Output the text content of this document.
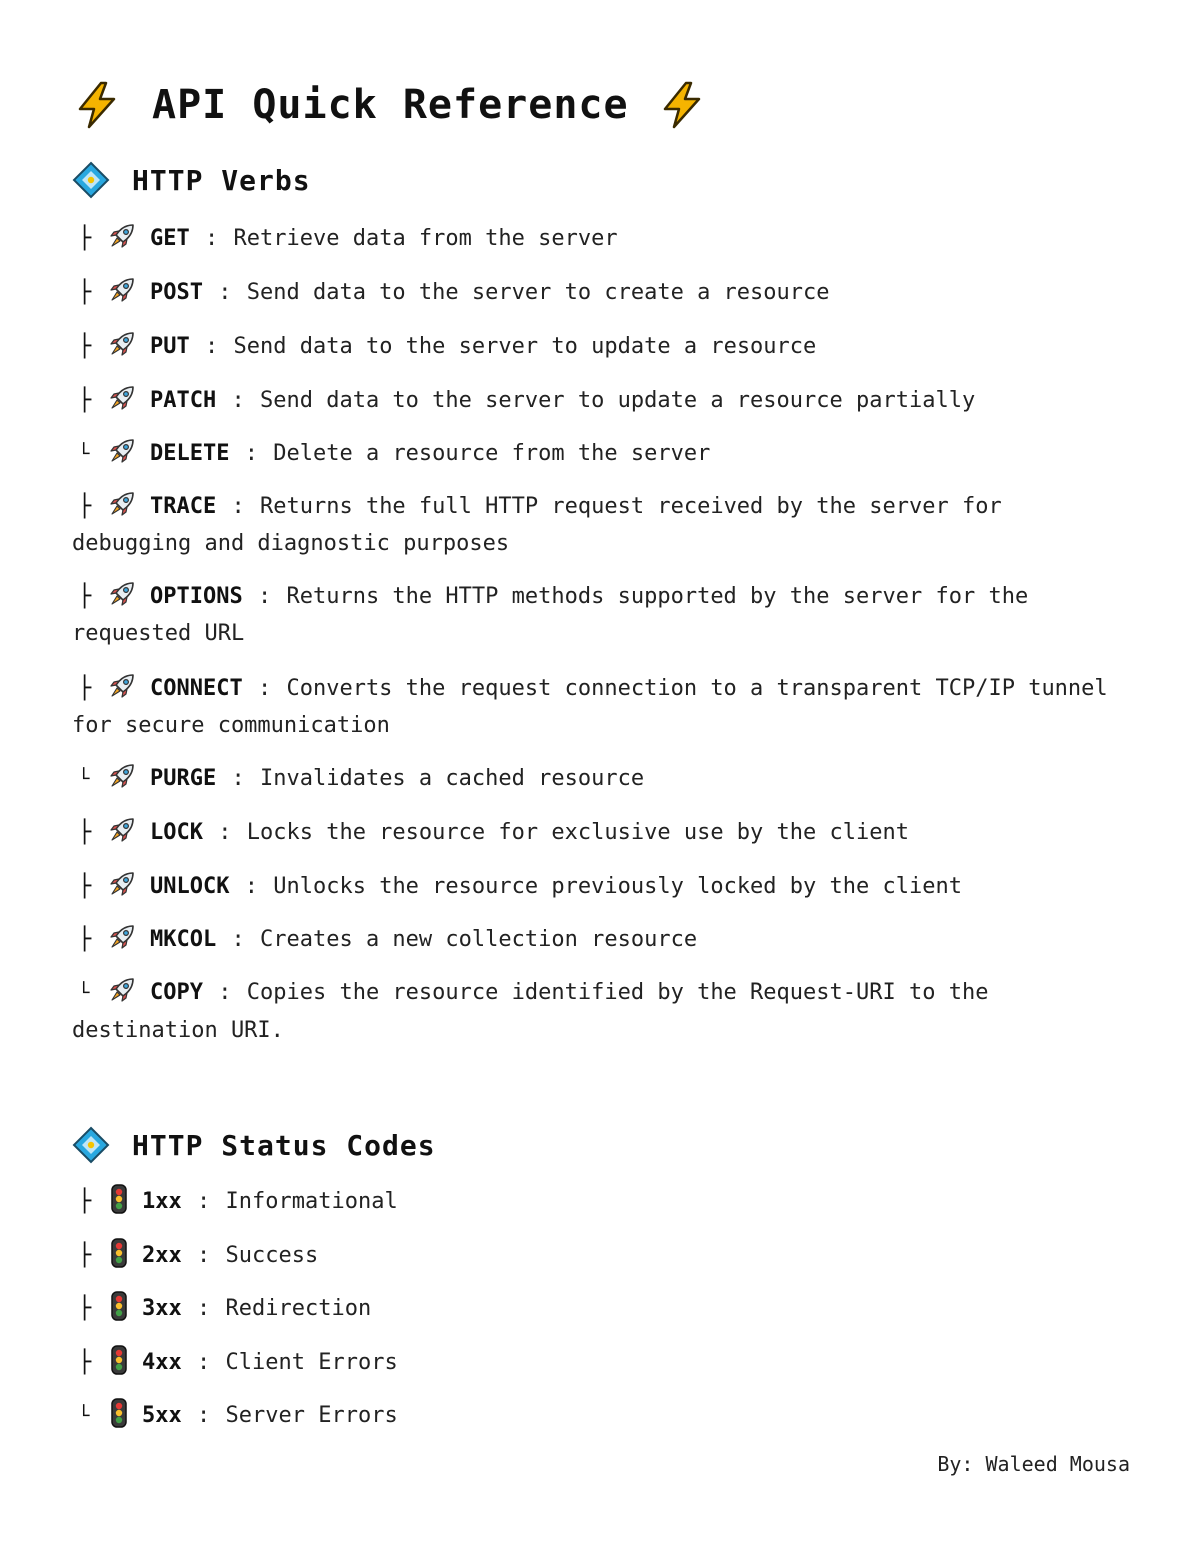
API Quick Reference
HTTP Verbs
├	GET : Retrieve data from the server
├	POST : Send data to the server to create a resource
├	PUT : Send data to the server to update a resource
├	PATCH : Send data to the server to update a resource partially
└	DELETE : Delete a resource from the server
├	TRACE : Returns the full HTTP request received by the server for debugging and diagnostic purposes
├	OPTIONS : Returns the HTTP methods supported by the server for the requested URL
├	CONNECT : Converts the request connection to a transparent TCP/IP tunnel for secure communication
└	PURGE : Invalidates a cached resource
├	LOCK : Locks the resource for exclusive use by the client
├	UNLOCK : Unlocks the resource previously locked by the client
├	MKCOL : Creates a new collection resource
└	COPY : Copies the resource identified by the Request-URI to the destination URI.
HTTP Status Codes
├ 1xx : Informational
├ 2xx : Success
├ 3xx : Redirection
├ 4xx : Client Errors
└ 5xx : Server Errors
By: Waleed Mousa
